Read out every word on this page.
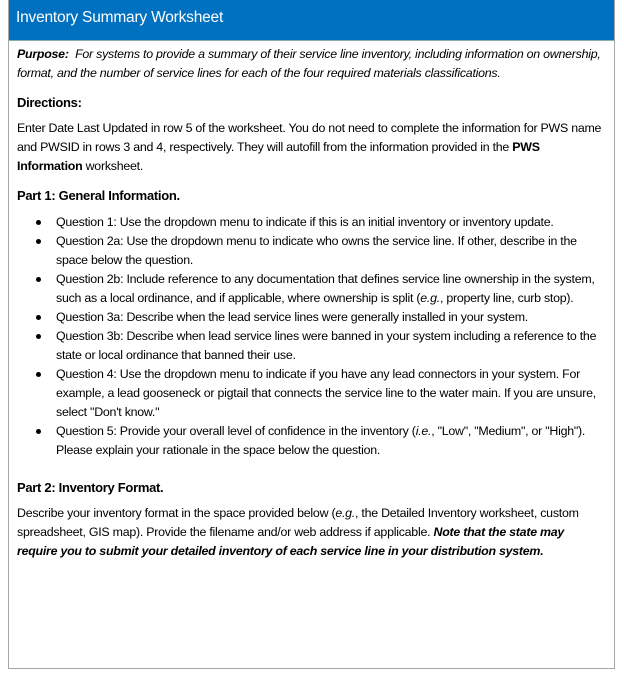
Inventory Summary Worksheet

Purpose: For systems to provide a summary of their service line inventory, including information on ownership, format, and the number of service lines for each of the four required materials classifications.

Directions:

Enter Date Last Updated in row 5 of the worksheet. You do not need to complete the information for PWS name and PWSID in rows 3 and 4, respectively. They will autofill from the information provided in the PWS Information worksheet.

Part 1: General Information.
Question 1: Use the dropdown menu to indicate if this is an initial inventory or inventory update.
Question 2a: Use the dropdown menu to indicate who owns the service line. If other, describe in the space below the question.
Question 2b: Include reference to any documentation that defines service line ownership in the system, such as a local ordinance, and if applicable, where ownership is split (e.g., property line, curb stop).
Question 3a: Describe when the lead service lines were generally installed in your system.
Question 3b: Describe when lead service lines were banned in your system including a reference to the state or local ordinance that banned their use.
Question 4: Use the dropdown menu to indicate if you have any lead connectors in your system. For example, a lead gooseneck or pigtail that connects the service line to the water main. If you are unsure, select "Don't know."
Question 5: Provide your overall level of confidence in the inventory (i.e., "Low", "Medium", or "High"). Please explain your rationale in the space below the question.
Part 2: Inventory Format.

Describe your inventory format in the space provided below (e.g., the Detailed Inventory worksheet, custom spreadsheet, GIS map). Provide the filename and/or web address if applicable. Note that the state may require you to submit your detailed inventory of each service line in your distribution system.
